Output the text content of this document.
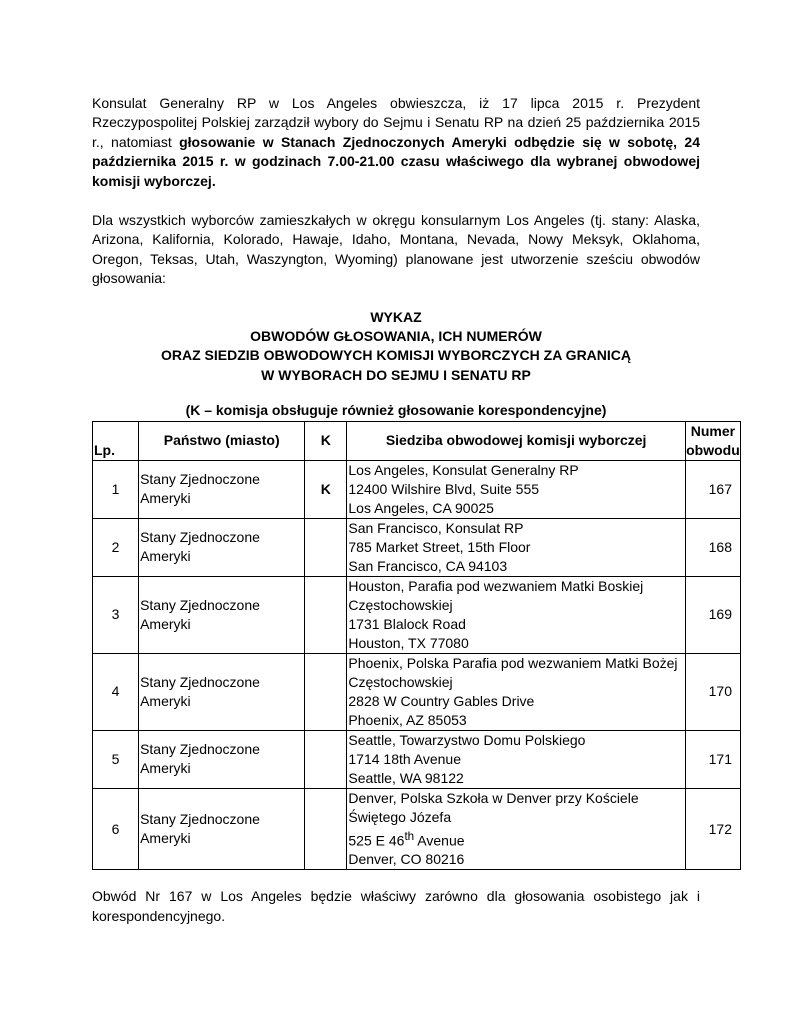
Konsulat Generalny RP w Los Angeles obwieszcza, iż 17 lipca 2015 r. Prezydent Rzeczypospolitej Polskiej zarządził wybory do Sejmu i Senatu RP na dzień 25 października 2015 r., natomiast głosowanie w Stanach Zjednoczonych Ameryki odbędzie się w sobotę, 24 października 2015 r. w godzinach 7.00-21.00 czasu właściwego dla wybranej obwodowej komisji wyborczej.

Dla wszystkich wyborców zamieszkałych w okręgu konsularnym Los Angeles (tj. stany: Alaska, Arizona, Kalifornia, Kolorado, Hawaje, Idaho, Montana, Nevada, Nowy Meksyk, Oklahoma, Oregon, Teksas, Utah, Waszyngton, Wyoming) planowane jest utworzenie sześciu obwodów głosowania:

WYKAZ
OBWODÓW GŁOSOWANIA, ICH NUMERÓW
ORAZ SIEDZIB OBWODOWYCH KOMISJI WYBORCZYCH ZA GRANICĄ
W WYBORACH DO SEJMU I SENATU RP
(K – komisja obsługuje również głosowanie korespondencyjne)
Lp.	Państwo (miasto)	K	Siedziba obwodowej komisji wyborczej	Numer
obwodu

1	Stany Zjednoczone
Ameryki	K	Los Angeles, Konsulat Generalny RP
12400 Wilshire Blvd, Suite 555
Los Angeles, CA 90025	167
2	Stany Zjednoczone
Ameryki		San Francisco, Konsulat RP
785 Market Street, 15th Floor
San Francisco, CA 94103	168
3	Stany Zjednoczone
Ameryki		Houston, Parafia pod wezwaniem Matki Boskiej
Częstochowskiej
1731 Blalock Road
Houston, TX 77080	169
4	Stany Zjednoczone
Ameryki		Phoenix, Polska Parafia pod wezwaniem Matki Bożej
Częstochowskiej
2828 W Country Gables Drive
Phoenix, AZ 85053	170
5	Stany Zjednoczone
Ameryki		Seattle, Towarzystwo Domu Polskiego
1714 18th Avenue
Seattle, WA 98122	171
6	Stany Zjednoczone
Ameryki		Denver, Polska Szkoła w Denver przy Kościele
Świętego Józefa
525 E 46th Avenue
Denver, CO 80216	172

Obwód Nr 167 w Los Angeles będzie właściwy zarówno dla głosowania osobistego jak i korespondencyjnego.
